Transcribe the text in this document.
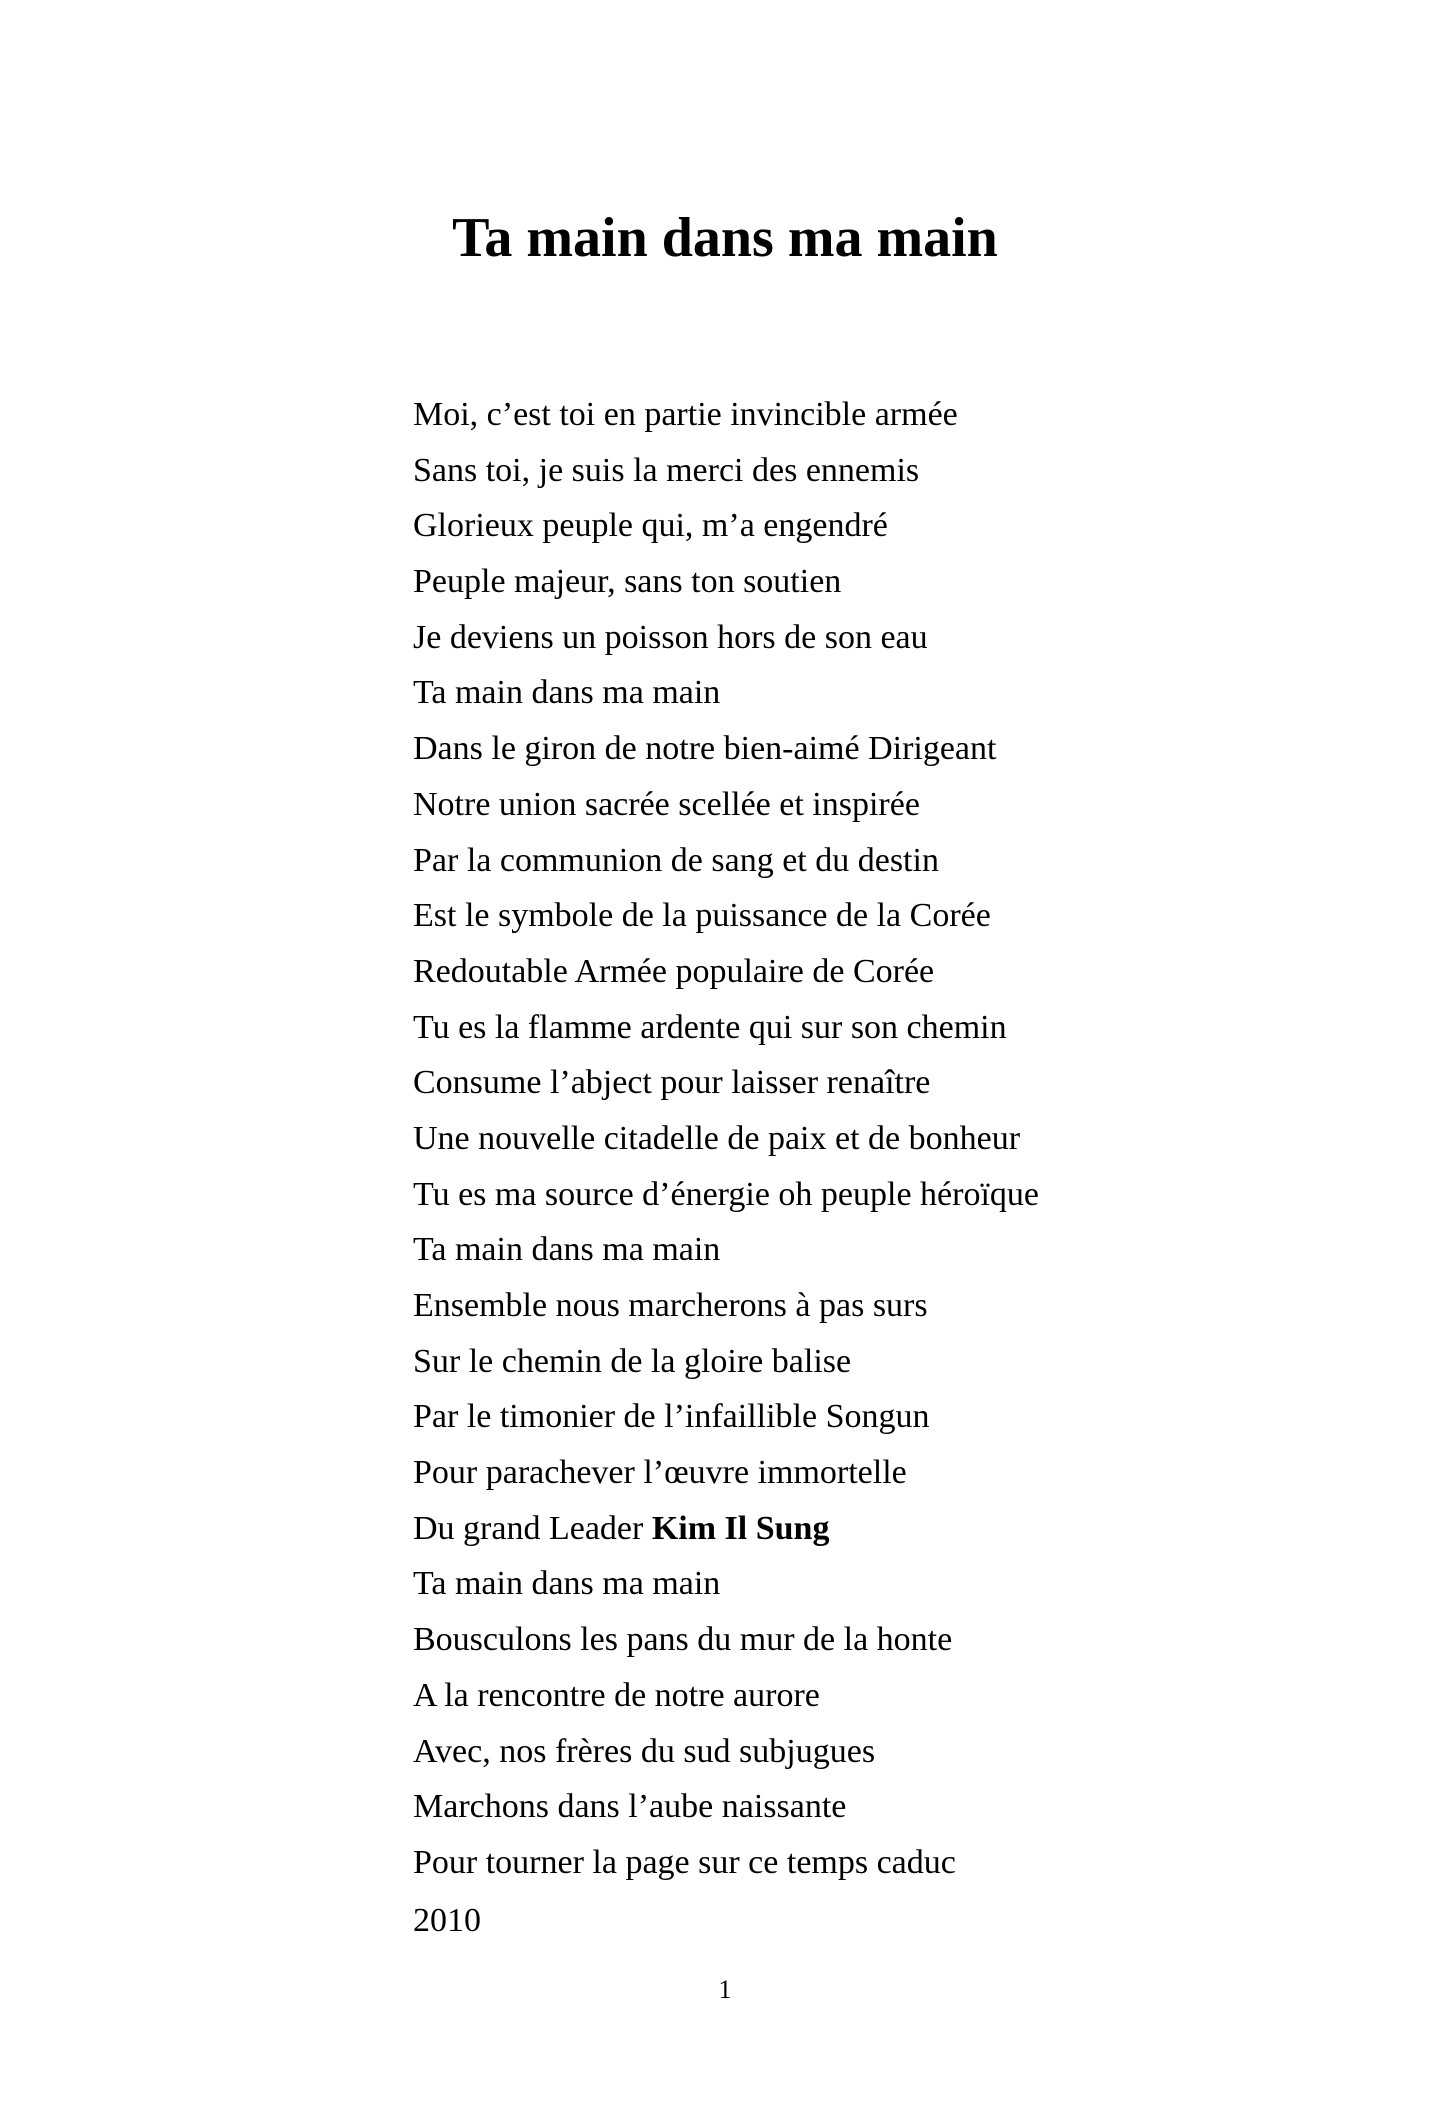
Ta main dans ma main
Moi, c’est toi en partie invincible armée
Sans toi, je suis la merci des ennemis
Glorieux peuple qui, m’a engendré
Peuple majeur, sans ton soutien
Je deviens un poisson hors de son eau
Ta main dans ma main
Dans le giron de notre bien-aimé Dirigeant
Notre union sacrée scellée et inspirée
Par la communion de sang et du destin
Est le symbole de la puissance de la Corée
Redoutable Armée populaire de Corée
Tu es la flamme ardente qui sur son chemin
Consume l’abject pour laisser renaître
Une nouvelle citadelle de paix et de bonheur
Tu es ma source d’énergie oh peuple héroïque
Ta main dans ma main
Ensemble nous marcherons à pas surs
Sur le chemin de la gloire balise
Par le timonier de l’infaillible Songun
Pour parachever l’œuvre immortelle
Du grand Leader Kim Il Sung
Ta main dans ma main
Bousculons les pans du mur de la honte
A la rencontre de notre aurore
Avec, nos frères du sud subjugues
Marchons dans l’aube naissante
Pour tourner la page sur ce temps caduc

2010

1
